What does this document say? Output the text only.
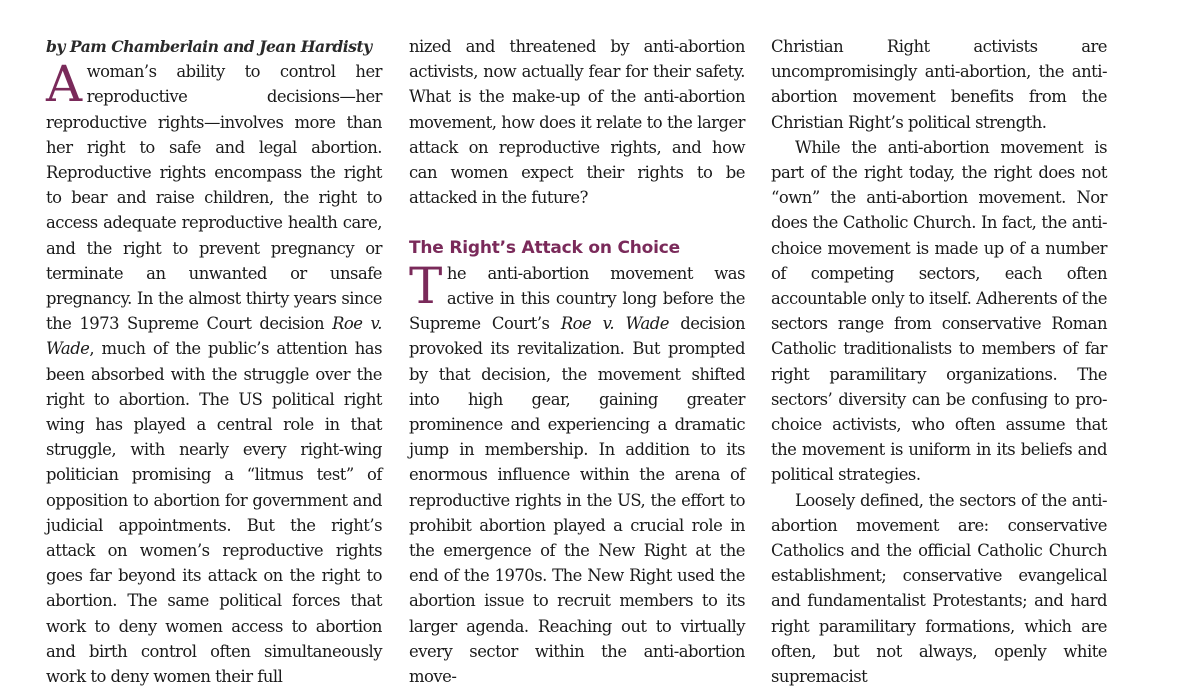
by Pam Chamberlain and Jean Hardisty

Awoman’s ability to control her reproductive decisions—her reproductive rights—involves more than her right to safe and legal abortion. Reproductive rights encompass the right to bear and raise children, the right to access adequate reproductive health care, and the right to prevent pregnancy or terminate an unwanted or unsafe pregnancy. In the almost thirty years since the 1973 Supreme Court decision Roe v. Wade, much of the public’s attention has been absorbed with the struggle over the right to abortion. The US political right wing has played a central role in that struggle, with nearly every right-wing politician promising a “litmus test” of opposition to abortion for government and judicial appointments. But the right’s attack on women’s reproductive rights goes far beyond its attack on the right to abortion. The same political forces that work to deny women access to abortion and birth control often simultaneously work to deny women their full

nized and threatened by anti-abortion activists, now actually fear for their safety. What is the make-up of the anti-abortion movement, how does it relate to the larger attack on reproductive rights, and how can women expect their rights to be attacked in the future?

The Right’s Attack on Choice

The anti-abortion movement was active in this country long before the Supreme Court’s Roe v. Wade decision provoked its revitalization. But prompted by that decision, the movement shifted into high gear, gaining greater prominence and experiencing a dramatic jump in membership. In addition to its enormous influence within the arena of reproductive rights in the US, the effort to prohibit abortion played a crucial role in the emergence of the New Right at the end of the 1970s. The New Right used the abortion issue to recruit members to its larger agenda. Reaching out to virtually every sector within the anti-abortion move-

Christian Right activists are uncompromisingly anti-abortion, the anti-abortion movement benefits from the Christian Right’s political strength.

While the anti-abortion movement is part of the right today, the right does not “own” the anti-abortion movement. Nor does the Catholic Church. In fact, the anti-choice movement is made up of a number of competing sectors, each often accountable only to itself. Adherents of the sectors range from conservative Roman Catholic traditionalists to members of far right paramilitary organizations. The sectors’ diversity can be confusing to pro-choice activists, who often assume that the movement is uniform in its beliefs and political strategies.

Loosely defined, the sectors of the anti-abortion movement are: conservative Catholics and the official Catholic Church establishment; conservative evangelical and fundamentalist Protestants; and hard right paramilitary formations, which are often, but not always, openly white supremacist
